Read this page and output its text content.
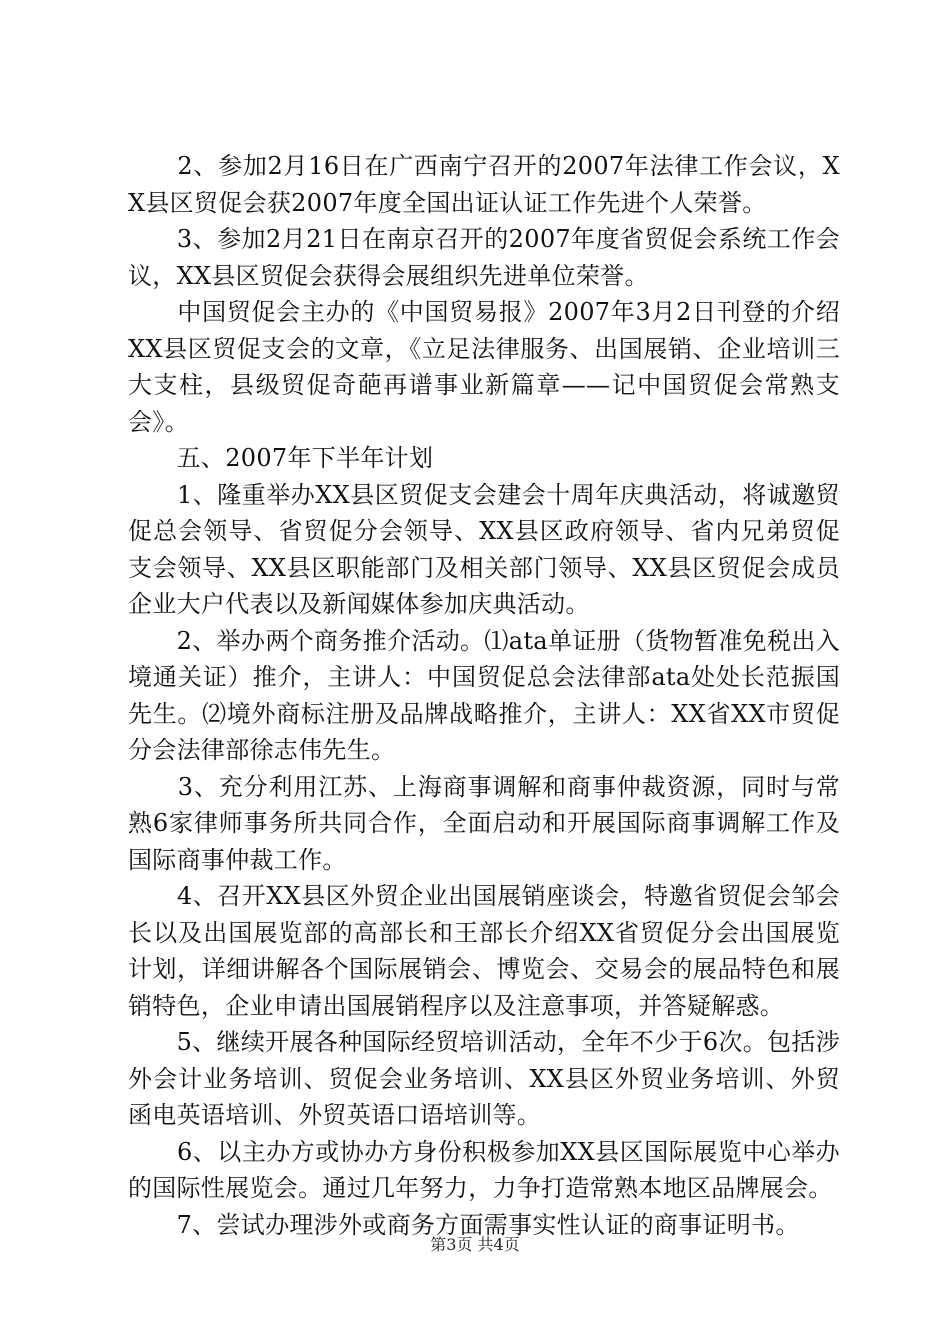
　　2、参加2月16日在广西南宁召开的2007年法律工作会议，XX县区贸促会获2007年度全国出证认证工作先进个人荣誉。

　　3、参加2月21日在南京召开的2007年度省贸促会系统工作会议，XX县区贸促会获得会展组织先进单位荣誉。

　　中国贸促会主办的《中国贸易报》2007年3月2日刊登的介绍XX县区贸促支会的文章，《立足法律服务、出国展销、企业培训三大支柱，县级贸促奇葩再谱事业新篇章——记中国贸促会常熟支会》。

　　五、2007年下半年计划

　　1、隆重举办XX县区贸促支会建会十周年庆典活动，将诚邀贸促总会领导、省贸促分会领导、XX县区政府领导、省内兄弟贸促支会领导、XX县区职能部门及相关部门领导、XX县区贸促会成员企业大户代表以及新闻媒体参加庆典活动。

　　2、举办两个商务推介活动。⑴ata单证册（货物暂准免税出入境通关证）推介，主讲人：中国贸促总会法律部ata处处长范振国先生。⑵境外商标注册及品牌战略推介，主讲人：XX省XX市贸促分会法律部徐志伟先生。

　　3、充分利用江苏、上海商事调解和商事仲裁资源，同时与常熟6家律师事务所共同合作，全面启动和开展国际商事调解工作及国际商事仲裁工作。

　　4、召开XX县区外贸企业出国展销座谈会，特邀省贸促会邹会长以及出国展览部的高部长和王部长介绍XX省贸促分会出国展览计划，详细讲解各个国际展销会、博览会、交易会的展品特色和展销特色，企业申请出国展销程序以及注意事项，并答疑解惑。

　　5、继续开展各种国际经贸培训活动，全年不少于6次。包括涉外会计业务培训、贸促会业务培训、XX县区外贸业务培训、外贸函电英语培训、外贸英语口语培训等。

　　6、以主办方或协办方身份积极参加XX县区国际展览中心举办的国际性展览会。通过几年努力，力争打造常熟本地区品牌展会。

　　7、尝试办理涉外或商务方面需事实性认证的商事证明书。

第3页 共4页
